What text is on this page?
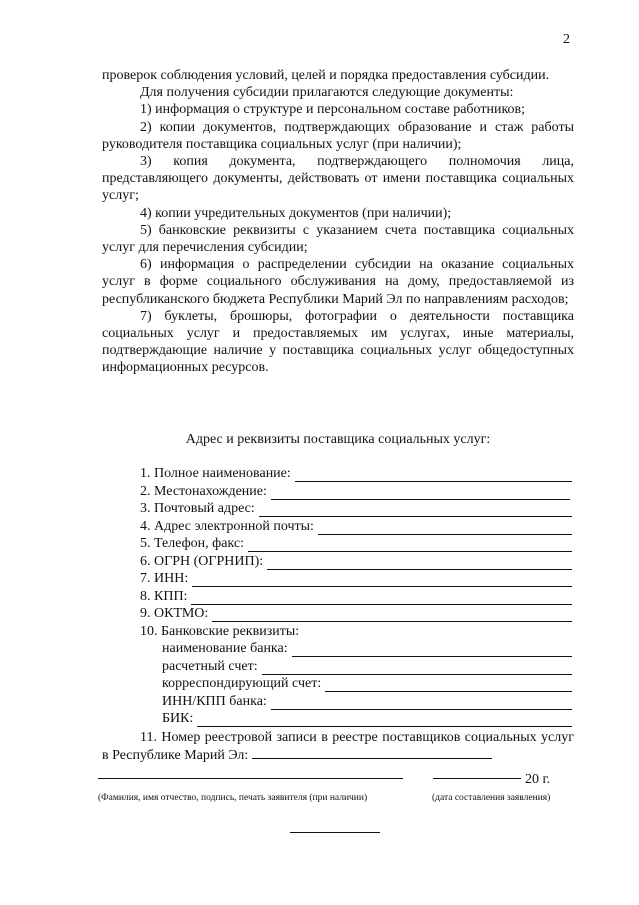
2
проверок соблюдения условий, целей и порядка предоставления субсидии.
Для получения субсидии прилагаются следующие документы:
1) информация о структуре и персональном составе работников;
2) копии документов, подтверждающих образование и стаж работы руководителя поставщика социальных услуг (при наличии);
3) копия документа, подтверждающего полномочия лица, представляющего документы, действовать от имени поставщика социальных услуг;
4) копии учредительных документов (при наличии);
5) банковские реквизиты с указанием счета поставщика социальных услуг для перечисления субсидии;
6) информация о распределении субсидии на оказание социальных услуг в форме социального обслуживания на дому, предоставляемой из республиканского бюджета Республики Марий Эл по направлениям расходов;
7) буклеты, брошюры, фотографии о деятельности поставщика социальных услуг и предоставляемых им услугах, иные материалы, подтверждающие наличие у поставщика социальных услуг общедоступных информационных ресурсов.
Адрес и реквизиты поставщика социальных услуг:
1. Полное наименование:
2. Местонахождение:
3. Почтовый адрес:
4. Адрес электронной почты:
5. Телефон, факс:
6. ОГРН (ОГРНИП):
7. ИНН:
8. КПП:
9. ОКТМО:
10. Банковские реквизиты:
наименование банка:
расчетный счет:
корреспондирующий счет:
ИНН/КПП банка:
БИК:
11. Номер реестровой записи в реестре поставщиков социальных услуг в Республике Марий Эл:
20 г.
(Фамилия, имя отчество, подпись, печать заявителя (при наличии)	(дата составления заявления)
